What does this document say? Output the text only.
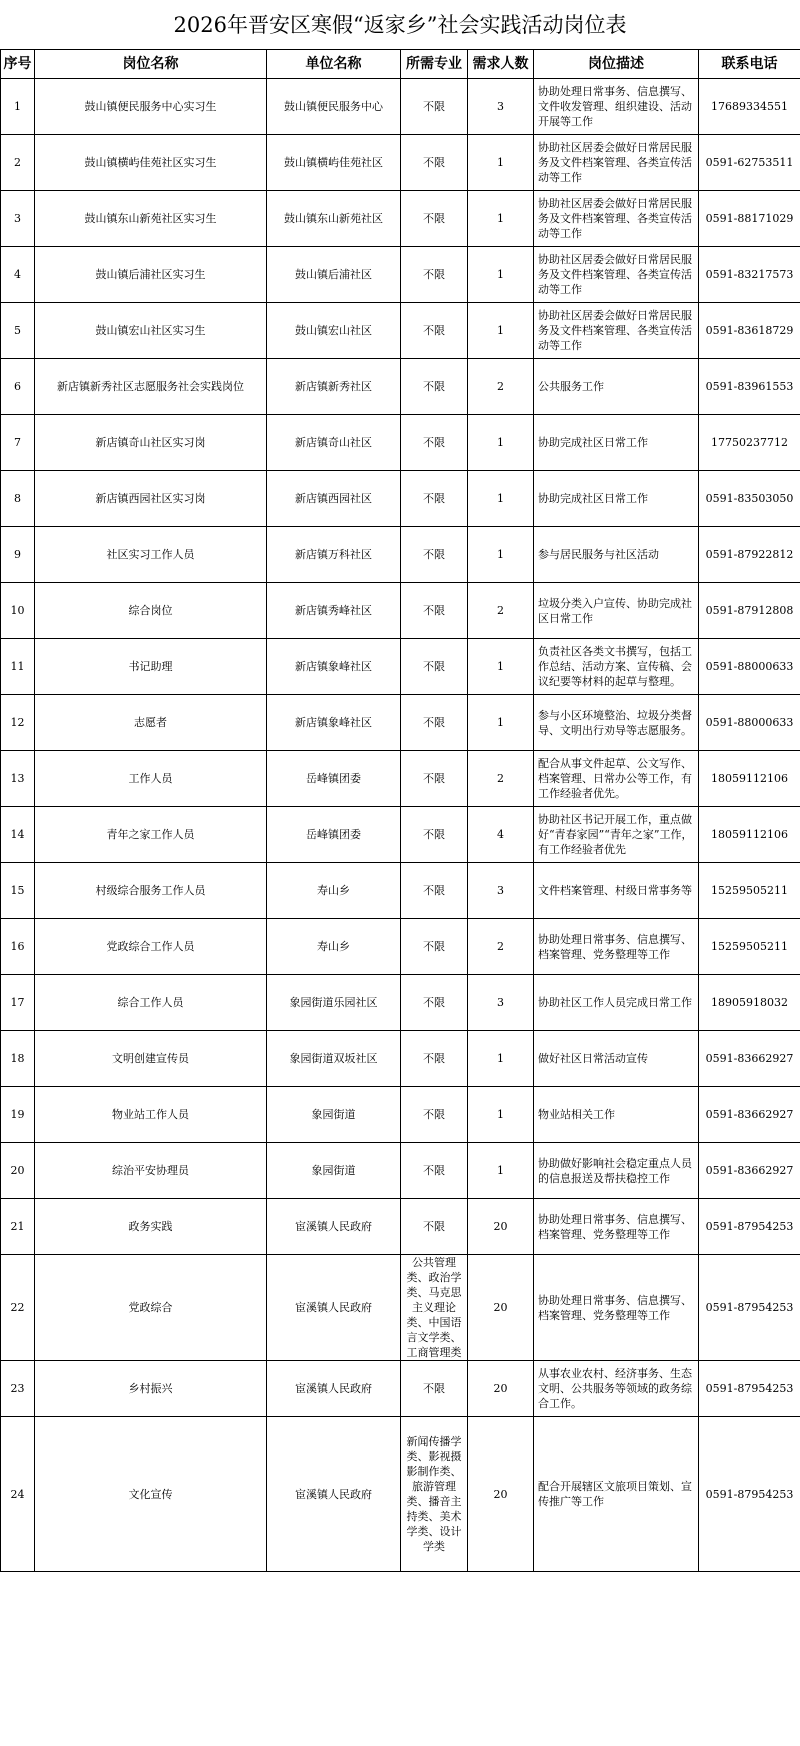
2026年晋安区寒假“返家乡”社会实践活动岗位表
序号	岗位名称	单位名称	所需专业	需求人数	岗位描述	联系电话
1	鼓山镇便民服务中心实习生	鼓山镇便民服务中心	不限	3	协助处理日常事务、信息撰写、文件收发管理、组织建设、活动开展等工作	17689334551
2	鼓山镇横屿佳苑社区实习生	鼓山镇横屿佳苑社区	不限	1	协助社区居委会做好日常居民服务及文件档案管理、各类宣传活动等工作	0591-62753511
3	鼓山镇东山新苑社区实习生	鼓山镇东山新苑社区	不限	1	协助社区居委会做好日常居民服务及文件档案管理、各类宣传活动等工作	0591-88171029
4	鼓山镇后浦社区实习生	鼓山镇后浦社区	不限	1	协助社区居委会做好日常居民服务及文件档案管理、各类宣传活动等工作	0591-83217573
5	鼓山镇宏山社区实习生	鼓山镇宏山社区	不限	1	协助社区居委会做好日常居民服务及文件档案管理、各类宣传活动等工作	0591-83618729
6	新店镇新秀社区志愿服务社会实践岗位	新店镇新秀社区	不限	2	公共服务工作	0591-83961553
7	新店镇奇山社区实习岗	新店镇奇山社区	不限	1	协助完成社区日常工作	17750237712
8	新店镇西园社区实习岗	新店镇西园社区	不限	1	协助完成社区日常工作	0591-83503050
9	社区实习工作人员	新店镇万科社区	不限	1	参与居民服务与社区活动	0591-87922812
10	综合岗位	新店镇秀峰社区	不限	2	垃圾分类入户宣传、协助完成社区日常工作	0591-87912808
11	书记助理	新店镇象峰社区	不限	1	负责社区各类文书撰写，包括工作总结、活动方案、宣传稿、会议纪要等材料的起草与整理。	0591-88000633
12	志愿者	新店镇象峰社区	不限	1	参与小区环境整治、垃圾分类督导、文明出行劝导等志愿服务。	0591-88000633
13	工作人员	岳峰镇团委	不限	2	配合从事文件起草、公文写作、档案管理、日常办公等工作，有工作经验者优先。	18059112106
14	青年之家工作人员	岳峰镇团委	不限	4	协助社区书记开展工作，重点做好“青春家园”“青年之家”工作，有工作经验者优先	18059112106
15	村级综合服务工作人员	寿山乡	不限	3	文件档案管理、村级日常事务等	15259505211
16	党政综合工作人员	寿山乡	不限	2	协助处理日常事务、信息撰写、档案管理、党务整理等工作	15259505211
17	综合工作人员	象园街道乐园社区	不限	3	协助社区工作人员完成日常工作	18905918032
18	文明创建宣传员	象园街道双坂社区	不限	1	做好社区日常活动宣传	0591-83662927
19	物业站工作人员	象园街道	不限	1	物业站相关工作	0591-83662927
20	综治平安协理员	象园街道	不限	1	协助做好影响社会稳定重点人员的信息报送及帮扶稳控工作	0591-83662927
21	政务实践	宦溪镇人民政府	不限	20	协助处理日常事务、信息撰写、档案管理、党务整理等工作	0591-87954253
22	党政综合	宦溪镇人民政府	公共管理类、政治学类、马克思主义理论类、中国语言文学类、工商管理类	20	协助处理日常事务、信息撰写、档案管理、党务整理等工作	0591-87954253
23	乡村振兴	宦溪镇人民政府	不限	20	从事农业农村、经济事务、生态文明、公共服务等领域的政务综合工作。	0591-87954253
24	文化宣传	宦溪镇人民政府	新闻传播学类、影视摄影制作类、旅游管理类、播音主持类、美术学类、设计学类	20	配合开展辖区文旅项目策划、宣传推广等工作	0591-87954253
